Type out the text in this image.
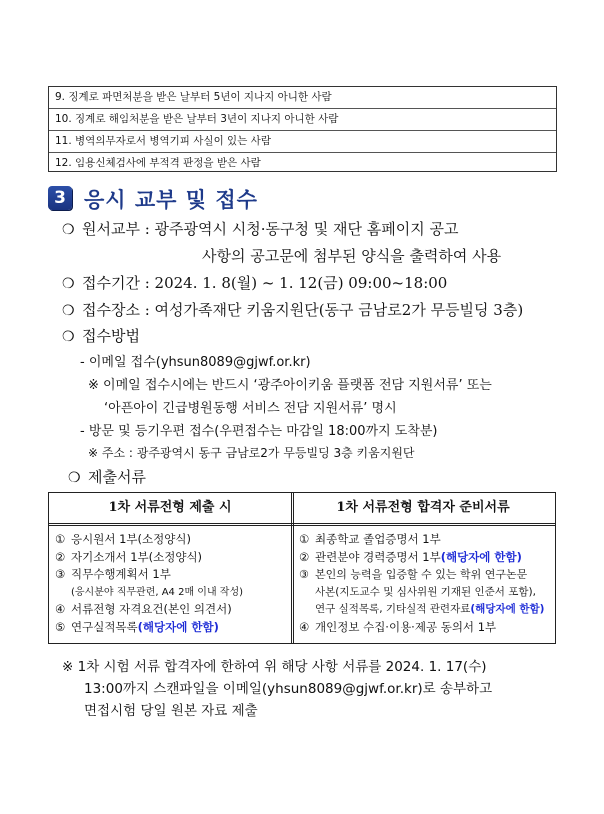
9. 징계로 파면처분을 받은 날부터 5년이 지나지 아니한 사람
10. 징계로 해임처분을 받은 날부터 3년이 지나지 아니한 사람
11. 병역의무자로서 병역기피 사실이 있는 사람
12. 임용신체검사에 부적격 판정을 받은 사람
3 응시 교부 및 접수
❍ 원서교부 : 광주광역시 시청·동구청 및 재단 홈페이지 공고
사항의 공고문에 첨부된 양식을 출력하여 사용
❍ 접수기간 : 2024. 1. 8(월) ~ 1. 12(금) 09:00~18:00
❍ 접수장소 : 여성가족재단 키움지원단(동구 금남로2가 무등빌딩 3층)
❍ 접수방법
- 이메일 접수(yhsun8089@gjwf.or.kr)
※ 이메일 접수시에는 반드시 ‘광주아이키움 플랫폼 전담 지원서류’ 또는
‘아픈아이 긴급병원동행 서비스 전담 지원서류’ 명시
- 방문 및 등기우편 접수(우편접수는 마감일 18:00까지 도착분)
※ 주소 : 광주광역시 동구 금남로2가 무등빌딩 3층 키움지원단
❍ 제출서류
1차 서류전형 제출 시	1차 서류전형 합격자 준비서류
① 응시원서 1부(소정양식)
② 자기소개서 1부(소정양식)
③ 직무수행계획서 1부
(응시분야 직무관련, A4 2매 이내 작성)
④ 서류전형 자격요건(본인 의견서)
⑤ 연구실적목록(해당자에 한함)
① 최종학교 졸업증명서 1부
② 관련분야 경력증명서 1부(해당자에 한함)
③ 본인의 능력을 입증할 수 있는 학위 연구논문
사본(지도교수 및 심사위원 기재된 인준서 포함),
연구 실적목록, 기타실적 관련자료(해당자에 한함)
④ 개인정보 수집·이용·제공 동의서 1부
※ 1차 시험 서류 합격자에 한하여 위 해당 사항 서류를 2024. 1. 17(수)
13:00까지 스캔파일을 이메일(yhsun8089@gjwf.or.kr)로 송부하고
면접시험 당일 원본 자료 제출
